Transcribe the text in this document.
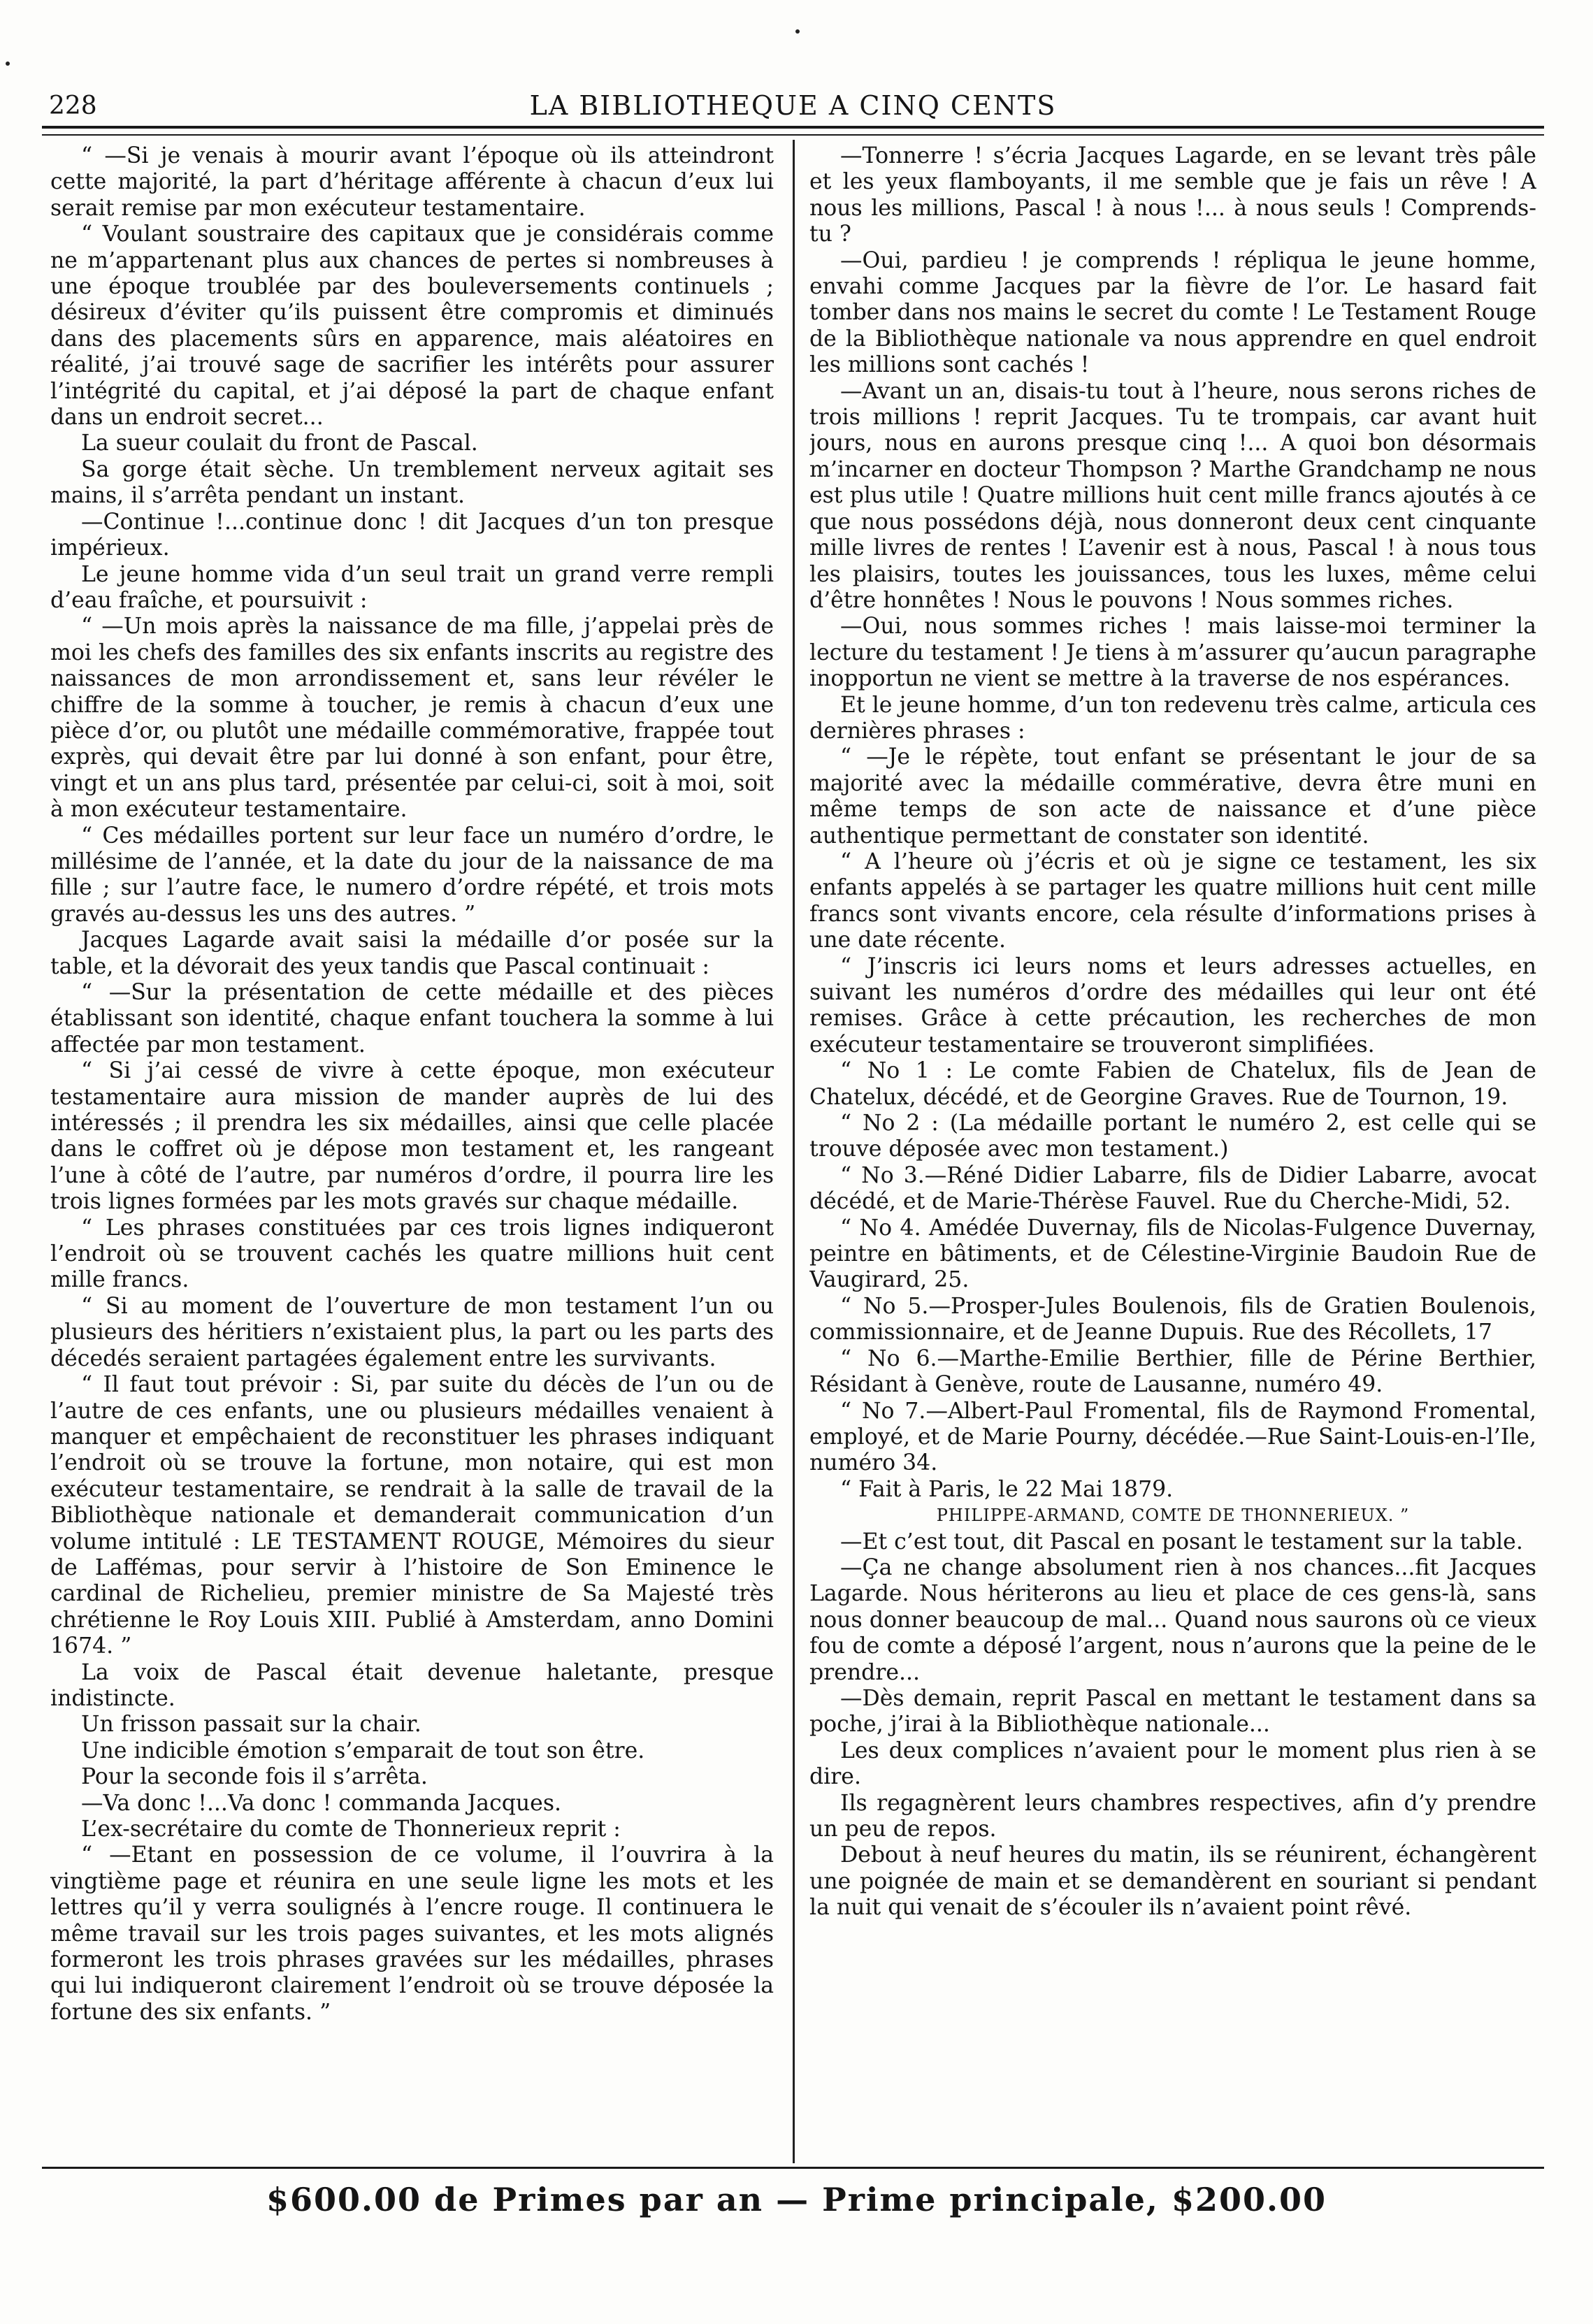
228	LA BIBLIOTHEQUE A CINQ CENTS

“ —Si je venais à mourir avant l’époque où ils atteindront cette majorité, la part d’héritage afférente à chacun d’eux lui serait remise par mon exécuteur testamentaire.

“ Voulant soustraire des capitaux que je considérais comme ne m’appartenant plus aux chances de pertes si nombreuses à une époque troublée par des bouleversements continuels ; désireux d’éviter qu’ils puissent être compromis et diminués dans des placements sûrs en apparence, mais aléatoires en réalité, j’ai trouvé sage de sacrifier les intérêts pour assurer l’intégrité du capital, et j’ai déposé la part de chaque enfant dans un endroit secret...

La sueur coulait du front de Pascal.

Sa gorge était sèche. Un tremblement nerveux agitait ses mains, il s’arrêta pendant un instant.

—Continue !...continue donc ! dit Jacques d’un ton presque impérieux.

Le jeune homme vida d’un seul trait un grand verre rempli d’eau fraîche, et poursuivit :

“ —Un mois après la naissance de ma fille, j’appelai près de moi les chefs des familles des six enfants inscrits au registre des naissances de mon arrondissement et, sans leur révéler le chiffre de la somme à toucher, je remis à chacun d’eux une pièce d’or, ou plutôt une médaille commémorative, frappée tout exprès, qui devait être par lui donné à son enfant, pour être, vingt et un ans plus tard, présentée par celui-ci, soit à moi, soit à mon exécuteur testamentaire.

“ Ces médailles portent sur leur face un numéro d’ordre, le millésime de l’année, et la date du jour de la naissance de ma fille ; sur l’autre face, le numero d’ordre répété, et trois mots gravés au-dessus les uns des autres. ”

Jacques Lagarde avait saisi la médaille d’or posée sur la table, et la dévorait des yeux tandis que Pascal continuait :

“ —Sur la présentation de cette médaille et des pièces établissant son identité, chaque enfant touchera la somme à lui affectée par mon testament.

“ Si j’ai cessé de vivre à cette époque, mon exécuteur testamentaire aura mission de mander auprès de lui des intéressés ; il prendra les six médailles, ainsi que celle placée dans le coffret où je dépose mon testament et, les rangeant l’une à côté de l’autre, par numéros d’ordre, il pourra lire les trois lignes formées par les mots gravés sur chaque médaille.

“ Les phrases constituées par ces trois lignes indiqueront l’endroit où se trouvent cachés les quatre millions huit cent mille francs.

“ Si au moment de l’ouverture de mon testament l’un ou plusieurs des héritiers n’existaient plus, la part ou les parts des décedés seraient partagées également entre les survivants.

“ Il faut tout prévoir : Si, par suite du décès de l’un ou de l’autre de ces enfants, une ou plusieurs médailles venaient à manquer et empêchaient de reconstituer les phrases indiquant l’endroit où se trouve la fortune, mon notaire, qui est mon exécuteur testamentaire, se rendrait à la salle de travail de la Bibliothèque nationale et demanderait communication d’un volume intitulé : LE TESTAMENT ROUGE, Mémoires du sieur de Laffémas, pour servir à l’histoire de Son Eminence le cardinal de Richelieu, premier ministre de Sa Majesté très chrétienne le Roy Louis XIII. Publié à Amsterdam, anno Domini 1674. ”

La voix de Pascal était devenue haletante, presque indistincte.

Un frisson passait sur la chair.

Une indicible émotion s’emparait de tout son être.

Pour la seconde fois il s’arrêta.

—Va donc !...Va donc ! commanda Jacques.

L’ex-secrétaire du comte de Thonnerieux reprit :

“ —Etant en possession de ce volume, il l’ouvrira à la vingtième page et réunira en une seule ligne les mots et les lettres qu’il y verra soulignés à l’encre rouge. Il continuera le même travail sur les trois pages suivantes, et les mots alignés formeront les trois phrases gravées sur les médailles, phrases qui lui indiqueront clairement l’endroit où se trouve déposée la fortune des six enfants. ”

—Tonnerre ! s’écria Jacques Lagarde, en se levant très pâle et les yeux flamboyants, il me semble que je fais un rêve ! A nous les millions, Pascal ! à nous !... à nous seuls ! Comprends-tu ?

—Oui, pardieu ! je comprends ! répliqua le jeune homme, envahi comme Jacques par la fièvre de l’or. Le hasard fait tomber dans nos mains le secret du comte ! Le Testament Rouge de la Bibliothèque nationale va nous apprendre en quel endroit les millions sont cachés !

—Avant un an, disais-tu tout à l’heure, nous serons riches de trois millions ! reprit Jacques. Tu te trompais, car avant huit jours, nous en aurons presque cinq !... A quoi bon désormais m’incarner en docteur Thompson ? Marthe Grandchamp ne nous est plus utile ! Quatre millions huit cent mille francs ajoutés à ce que nous possédons déjà, nous donneront deux cent cinquante mille livres de rentes ! L’avenir est à nous, Pascal ! à nous tous les plaisirs, toutes les jouissances, tous les luxes, même celui d’être honnêtes ! Nous le pouvons ! Nous sommes riches.

—Oui, nous sommes riches ! mais laisse-moi terminer la lecture du testament ! Je tiens à m’assurer qu’aucun paragraphe inopportun ne vient se mettre à la traverse de nos espérances.

Et le jeune homme, d’un ton redevenu très calme, articula ces dernières phrases :

“ —Je le répète, tout enfant se présentant le jour de sa majorité avec la médaille commérative, devra être muni en même temps de son acte de naissance et d’une pièce authentique permettant de constater son identité.

“ A l’heure où j’écris et où je signe ce testament, les six enfants appelés à se partager les quatre millions huit cent mille francs sont vivants encore, cela résulte d’informations prises à une date récente.

“ J’inscris ici leurs noms et leurs adresses actuelles, en suivant les numéros d’ordre des médailles qui leur ont été remises. Grâce à cette précaution, les recherches de mon exécuteur testamentaire se trouveront simplifiées.

“ No 1 : Le comte Fabien de Chatelux, fils de Jean de Chatelux, décédé, et de Georgine Graves. Rue de Tournon, 19.

“ No 2 : (La médaille portant le numéro 2, est celle qui se trouve déposée avec mon testament.)

“ No 3.—Réné Didier Labarre, fils de Didier Labarre, avocat décédé, et de Marie-Thérèse Fauvel. Rue du Cherche-Midi, 52.

“ No 4. Amédée Duvernay, fils de Nicolas-Fulgence Duvernay, peintre en bâtiments, et de Célestine-Virginie Baudoin Rue de Vaugirard, 25.

“ No 5.—Prosper-Jules Boulenois, fils de Gratien Boulenois, commissionnaire, et de Jeanne Dupuis. Rue des Récollets, 17

“ No 6.—Marthe-Emilie Berthier, fille de Périne Berthier, Résidant à Genève, route de Lausanne, numéro 49.

“ No 7.—Albert-Paul Fromental, fils de Raymond Fromental, employé, et de Marie Pourny, décédée.—Rue Saint-Louis-en-l’Ile, numéro 34.

“ Fait à Paris, le 22 Mai 1879.

PHILIPPE-ARMAND, COMTE DE THONNERIEUX. ”

—Et c’est tout, dit Pascal en posant le testament sur la table.

—Ça ne change absolument rien à nos chances...fit Jacques Lagarde. Nous hériterons au lieu et place de ces gens-là, sans nous donner beaucoup de mal... Quand nous saurons où ce vieux fou de comte a déposé l’argent, nous n’aurons que la peine de le prendre...

—Dès demain, reprit Pascal en mettant le testament dans sa poche, j’irai à la Bibliothèque nationale...

Les deux complices n’avaient pour le moment plus rien à se dire.

Ils regagnèrent leurs chambres respectives, afin d’y prendre un peu de repos.

Debout à neuf heures du matin, ils se réunirent, échangèrent une poignée de main et se demandèrent en souriant si pendant la nuit qui venait de s’écouler ils n’avaient point rêvé.

$600.00 de Primes par an — Prime principale, $200.00
